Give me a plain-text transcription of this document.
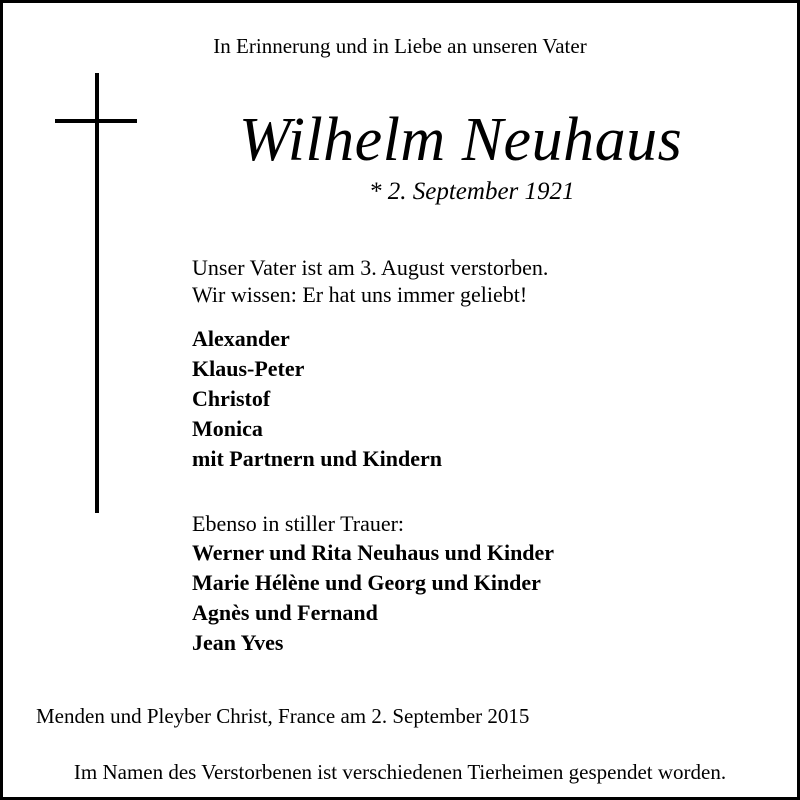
In Erinnerung und in Liebe an unseren Vater
Wilhelm Neuhaus
* 2. September 1921
Unser Vater ist am 3. August verstorben.
Wir wissen: Er hat uns immer geliebt!
Alexander
Klaus-Peter
Christof
Monica
mit Partnern und Kindern
Ebenso in stiller Trauer:
Werner und Rita Neuhaus und Kinder
Marie Hélène und Georg und Kinder
Agnès und Fernand
Jean Yves
Menden und Pleyber Christ, France am 2. September 2015
Im Namen des Verstorbenen ist verschiedenen Tierheimen gespendet worden.
